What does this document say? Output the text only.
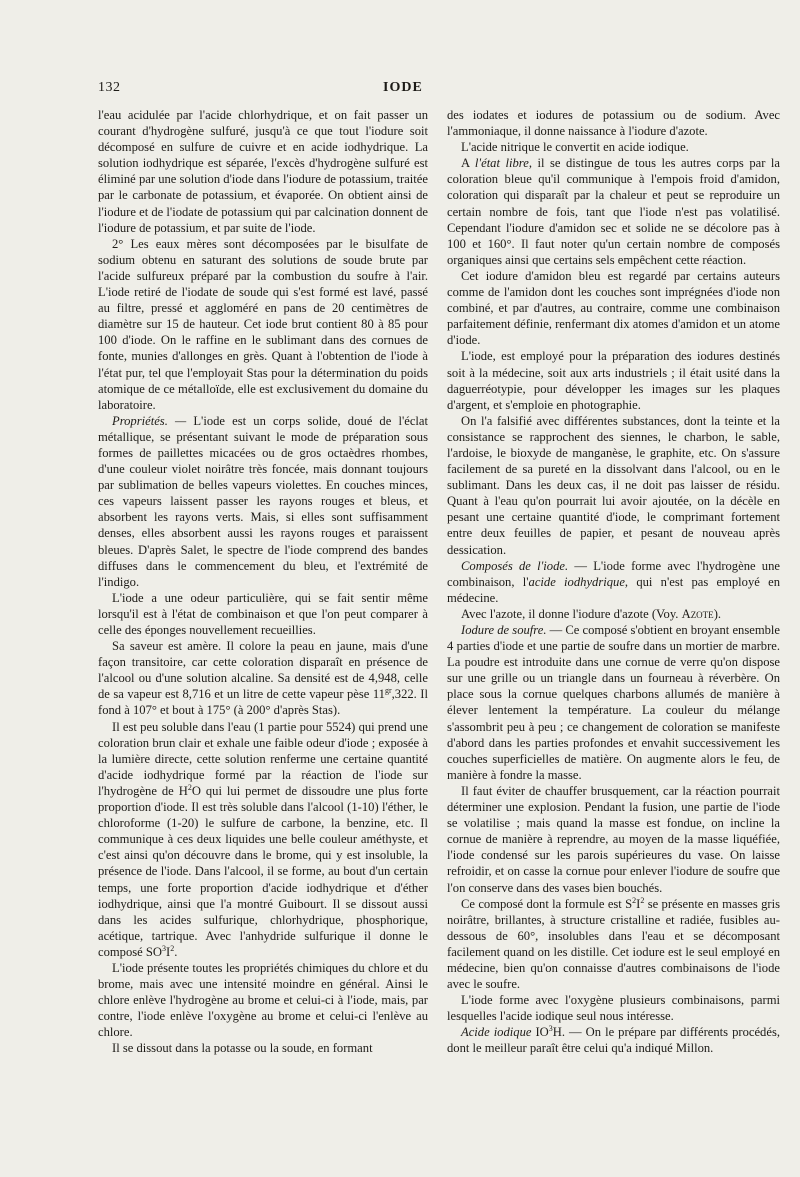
132	IODE

l'eau acidulée par l'acide chlorhydrique, et on fait passer un courant d'hydrogène sulfuré, jusqu'à ce que tout l'iodure soit décomposé en sulfure de cuivre et en acide iodhydrique. La solution iodhydrique est séparée, l'excès d'hydrogène sulfuré est éliminé par une solution d'iode dans l'iodure de potassium, traitée par le carbonate de potassium, et évaporée. On obtient ainsi de l'iodure et de l'iodate de potassium qui par calcination donnent de l'iodure de potassium, et par suite de l'iode.

2° Les eaux mères sont décomposées par le bisulfate de sodium obtenu en saturant des solutions de soude brute par l'acide sulfureux préparé par la combustion du soufre à l'air. L'iode retiré de l'iodate de soude qui s'est formé est lavé, passé au filtre, pressé et aggloméré en pans de 20 centimètres de diamètre sur 15 de hauteur. Cet iode brut contient 80 à 85 pour 100 d'iode. On le raffine en le sublimant dans des cornues de fonte, munies d'allonges en grès. Quant à l'obtention de l'iode à l'état pur, tel que l'employait Stas pour la détermination du poids atomique de ce métalloïde, elle est exclusivement du domaine du laboratoire.

Propriétés. — L'iode est un corps solide, doué de l'éclat métallique, se présentant suivant le mode de préparation sous formes de paillettes micacées ou de gros octaèdres rhombes, d'une couleur violet noirâtre très foncée, mais donnant toujours par sublimation de belles vapeurs violettes. En couches minces, ces vapeurs laissent passer les rayons rouges et bleus, et absorbent les rayons verts. Mais, si elles sont suffisamment denses, elles absorbent aussi les rayons rouges et paraissent bleues. D'après Salet, le spectre de l'iode comprend des bandes diffuses dans le commencement du bleu, et l'extrémité de l'indigo.

L'iode a une odeur particulière, qui se fait sentir même lorsqu'il est à l'état de combinaison et que l'on peut comparer à celle des éponges nouvellement recueillies.

Sa saveur est amère. Il colore la peau en jaune, mais d'une façon transitoire, car cette coloration disparaît en présence de l'alcool ou d'une solution alcaline. Sa densité est de 4,948, celle de sa vapeur est 8,716 et un litre de cette vapeur pèse $11^{gr},322$. Il fond à 107° et bout à 175° (à 200° d'après Stas).

Il est peu soluble dans l'eau (1 partie pour 5524) qui prend une coloration brun clair et exhale une faible odeur d'iode ; exposée à la lumière directe, cette solution renferme une certaine quantité d'acide iodhydrique formé par la réaction de l'iode sur l'hydrogène de $H^2O$ qui lui permet de dissoudre une plus forte proportion d'iode. Il est très soluble dans l'alcool (1-10) l'éther, le chloroforme (1-20) le sulfure de carbone, la benzine, etc. Il communique à ces deux liquides une belle couleur améthyste, et c'est ainsi qu'on découvre dans le brome, qui y est insoluble, la présence de l'iode. Dans l'alcool, il se forme, au bout d'un certain temps, une forte proportion d'acide iodhydrique et d'éther iodhydrique, ainsi que l'a montré Guibourt. Il se dissout aussi dans les acides sulfurique, chlorhydrique, phosphorique, acétique, tartrique. Avec l'anhydride sulfurique il donne le composé $SO^3I^2$.

L'iode présente toutes les propriétés chimiques du chlore et du brome, mais avec une intensité moindre en général. Ainsi le chlore enlève l'hydrogène au brome et celui-ci à l'iode, mais, par contre, l'iode enlève l'oxygène au brome et celui-ci l'enlève au chlore.

Il se dissout dans la potasse ou la soude, en formant

des iodates et iodures de potassium ou de sodium. Avec l'ammoniaque, il donne naissance à l'iodure d'azote.

L'acide nitrique le convertit en acide iodique.

A l'état libre, il se distingue de tous les autres corps par la coloration bleue qu'il communique à l'empois froid d'amidon, coloration qui disparaît par la chaleur et peut se reproduire un certain nombre de fois, tant que l'iode n'est pas volatilisé. Cependant l'iodure d'amidon sec et solide ne se décolore pas à 100 et 160°. Il faut noter qu'un certain nombre de composés organiques ainsi que certains sels empêchent cette réaction.

Cet iodure d'amidon bleu est regardé par certains auteurs comme de l'amidon dont les couches sont imprégnées d'iode non combiné, et par d'autres, au contraire, comme une combinaison parfaitement définie, renfermant dix atomes d'amidon et un atome d'iode.

L'iode, est employé pour la préparation des iodures destinés soit à la médecine, soit aux arts industriels ; il était usité dans la daguerréotypie, pour développer les images sur les plaques d'argent, et s'emploie en photographie.

On l'a falsifié avec différentes substances, dont la teinte et la consistance se rapprochent des siennes, le charbon, le sable, l'ardoise, le bioxyde de manganèse, le graphite, etc. On s'assure facilement de sa pureté en la dissolvant dans l'alcool, ou en le sublimant. Dans les deux cas, il ne doit pas laisser de résidu. Quant à l'eau qu'on pourrait lui avoir ajoutée, on la décèle en pesant une certaine quantité d'iode, le comprimant fortement entre deux feuilles de papier, et pesant de nouveau après dessication.

Composés de l'iode. — L'iode forme avec l'hydrogène une combinaison, l'acide iodhydrique, qui n'est pas employé en médecine.

Avec l'azote, il donne l'iodure d'azote (Voy. Azote).

Iodure de soufre. — Ce composé s'obtient en broyant ensemble 4 parties d'iode et une partie de soufre dans un mortier de marbre. La poudre est introduite dans une cornue de verre qu'on dispose sur une grille ou un triangle dans un fourneau à réverbère. On place sous la cornue quelques charbons allumés de manière à élever lentement la température. La couleur du mélange s'assombrit peu à peu ; ce changement de coloration se manifeste d'abord dans les parties profondes et envahit successivement les couches superficielles de matière. On augmente alors le feu, de manière à fondre la masse.

Il faut éviter de chauffer brusquement, car la réaction pourrait déterminer une explosion. Pendant la fusion, une partie de l'iode se volatilise ; mais quand la masse est fondue, on incline la cornue de manière à reprendre, au moyen de la masse liquéfiée, l'iode condensé sur les parois supérieures du vase. On laisse refroidir, et on casse la cornue pour enlever l'iodure de soufre que l'on conserve dans des vases bien bouchés.

Ce composé dont la formule est $S^2I^2$ se présente en masses gris noirâtre, brillantes, à structure cristalline et radiée, fusibles au-dessous de 60°, insolubles dans l'eau et se décomposant facilement quand on les distille. Cet iodure est le seul employé en médecine, bien qu'on connaisse d'autres combinaisons de l'iode avec le soufre.

L'iode forme avec l'oxygène plusieurs combinaisons, parmi lesquelles l'acide iodique seul nous intéresse.

Acide iodique $IO^3H$. — On le prépare par différents procédés, dont le meilleur paraît être celui qu'a indiqué Millon.
